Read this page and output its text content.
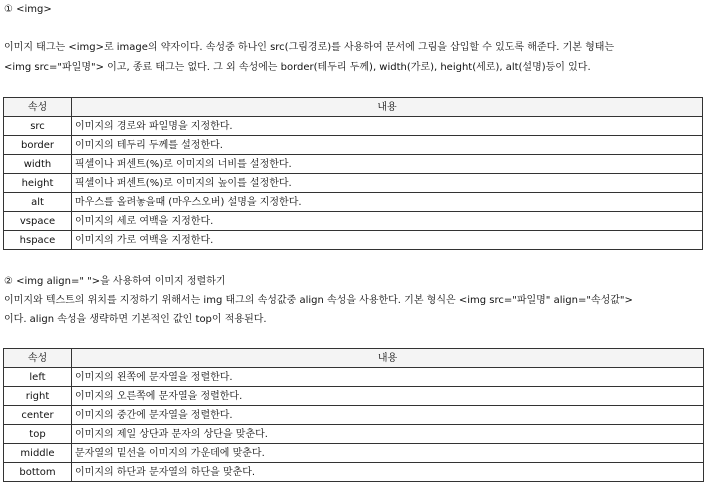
① <img>
이미지 태그는 <img>로 image의 약자이다. 속성중 하나인 src(그림경로)를 사용하여 문서에 그림을 삽입할 수 있도록 해준다. 기본 형태는
<img src="파일명"> 이고, 종료 태그는 없다. 그 외 속성에는 border(테두리 두께), width(가로), height(세로), alt(설명)등이 있다.
속성	내용
src	이미지의 경로와 파일명을 지정한다.
border	이미지의 테두리 두께를 설정한다.
width	픽셀이나 퍼센트(%)로 이미지의 너비를 설정한다.
height	픽셀이나 퍼센트(%)로 이미지의 높이를 설정한다.
alt	마우스를 올려놓을때 (마우스오버) 설명을 지정한다.
vspace	이미지의 세로 여백을 지정한다.
hspace	이미지의 가로 여백을 지정한다.
② <img align=" ">을 사용하여 이미지 정렬하기
이미지와 텍스트의 위치를 지정하기 위해서는 img 태그의 속성값중 align 속성을 사용한다. 기본 형식은 <img src="파일명" align="속성값">
이다. align 속성을 생략하면 기본적인 값인 top이 적용된다.
속성	내용
left	이미지의 왼쪽에 문자열을 정렬한다.
right	이미지의 오른쪽에 문자열을 정렬한다.
center	이미지의 중간에 문자열을 정렬한다.
top	이미지의 제일 상단과 문자의 상단을 맞춘다.
middle	문자열의 밑선을 이미지의 가운데에 맞춘다.
bottom	이미지의 하단과 문자열의 하단을 맞춘다.
